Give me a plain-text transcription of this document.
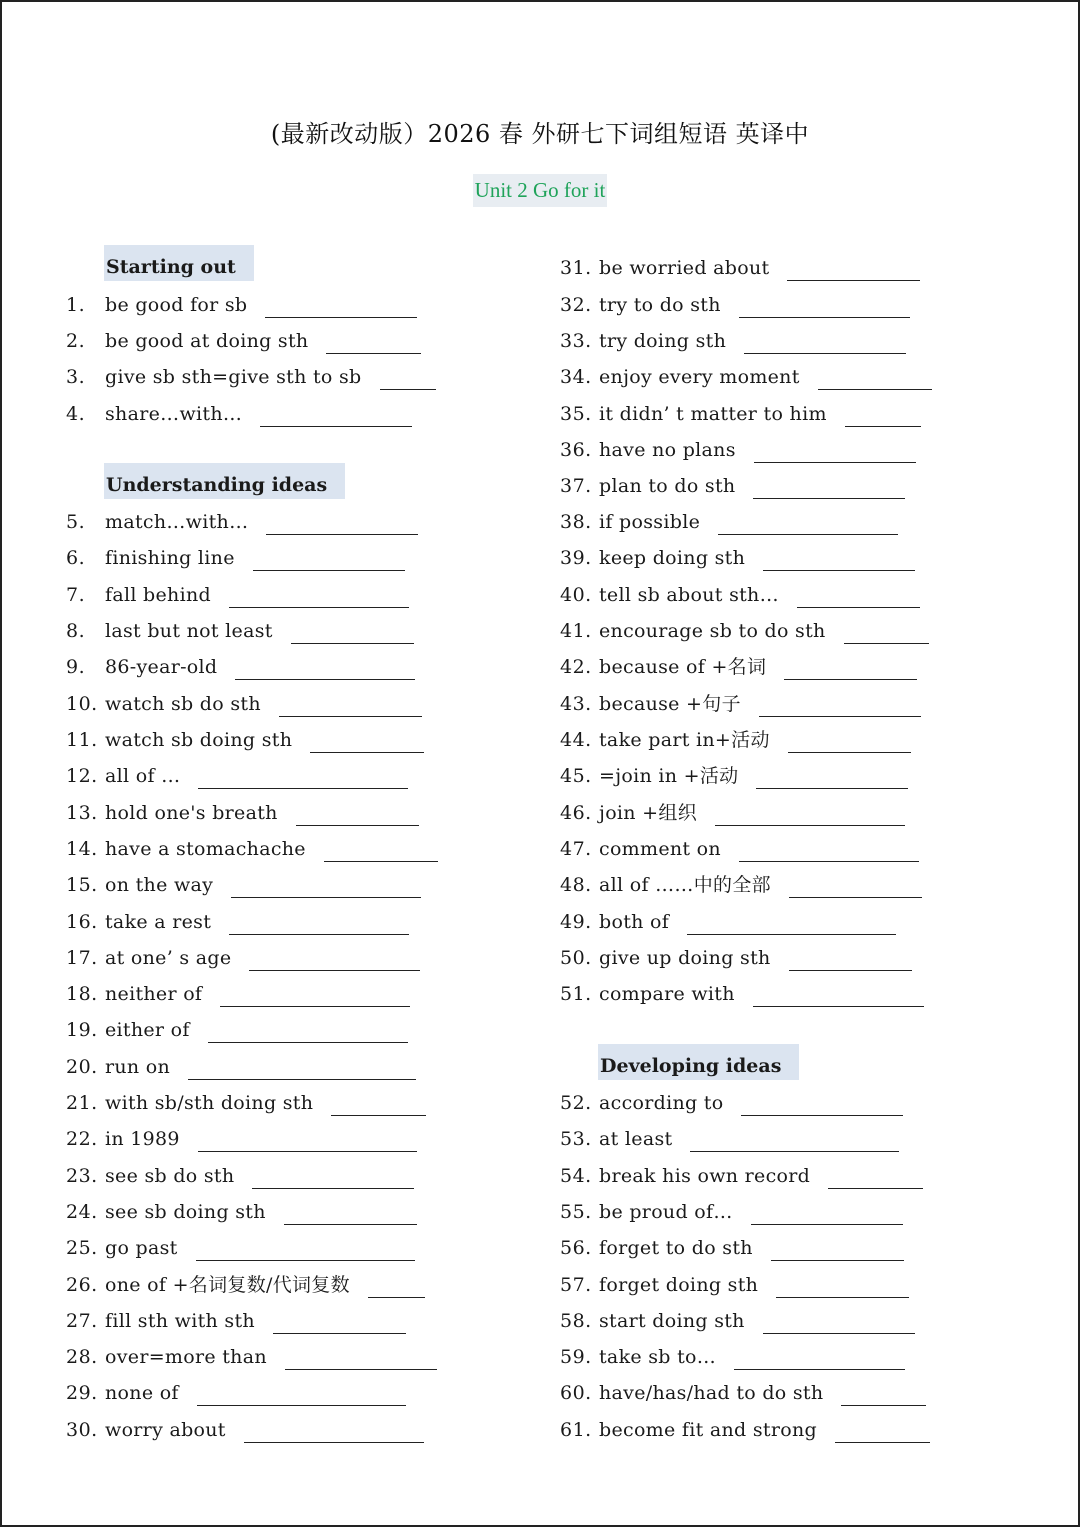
(最新改动版）2026 春 外研七下词组短语 英译中
Unit 2 Go for it
Starting out
Understanding ideas
Developing ideas
1. be good for sb
2. be good at doing sth
3. give sb sth=give sth to sb
4. share…with…
5. match…with…
6. finishing line
7. fall behind
8. last but not least
9. 86-year-old
10. watch sb do sth
11. watch sb doing sth
12. all of …
13. hold one's breath
14. have a stomachache
15. on the way
16. take a rest
17. at one’ s age
18. neither of
19. either of
20. run on
21. with sb/sth doing sth
22. in 1989
23. see sb do sth
24. see sb doing sth
25. go past
26. one of +名词复数/代词复数
27. fill sth with sth
28. over=more than
29. none of
30. worry about
31. be worried about
32. try to do sth
33. try doing sth
34. enjoy every moment
35. it didn’ t matter to him
36. have no plans
37. plan to do sth
38. if possible
39. keep doing sth
40. tell sb about sth…
41. encourage sb to do sth
42. because of +名词
43. because +句子
44. take part in+活动
45. =join in +活动
46. join +组织
47. comment on
48. all of ……中的全部
49. both of
50. give up doing sth
51. compare with
52. according to
53. at least
54. break his own record
55. be proud of…
56. forget to do sth
57. forget doing sth
58. start doing sth
59. take sb to…
60. have/has/had to do sth
61. become fit and strong
